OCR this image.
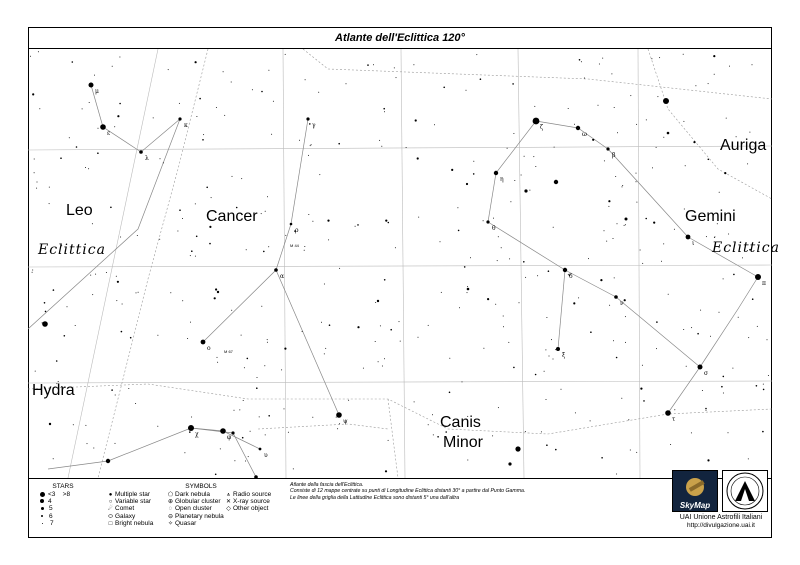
Atlante dell'Eclittica 120°
μ
ε
κ
λ
γ
ρ
α
ο
ψ
ζ
η
θ
δ
ν
β
ι
π
σ
τ
ξ
ω
χ	φ
υ
M 67
M 44
Leo	Cancer	Gemini
Auriga
Hydra
Canis
Minor
Eclittica	Eclittica
STARS
<3 >8
4
5
6
7
● Multiple star
○ Variable star
☄ Comet
⬭ Galaxy
□ Bright nebula
SYMBOLS
⬠ Dark nebula
⊕ Globular cluster
◌ Open cluster
⊖ Planetary nebula
✧ Quasar
⩚ Radio source
✕ X-ray source
◇ Other object
Atlante della fascia dell'Eclittica.
Consiste di 12 mappe centrate su punti di Longitudine Eclittica distanti 30° a partire dal Punto Gamma.
Le linee della griglia della Latitudine Eclittica sono distanti 5° una dall'altra
SkyMap
UAI Unione Astrofili Italiani
http://divulgazione.uai.it
